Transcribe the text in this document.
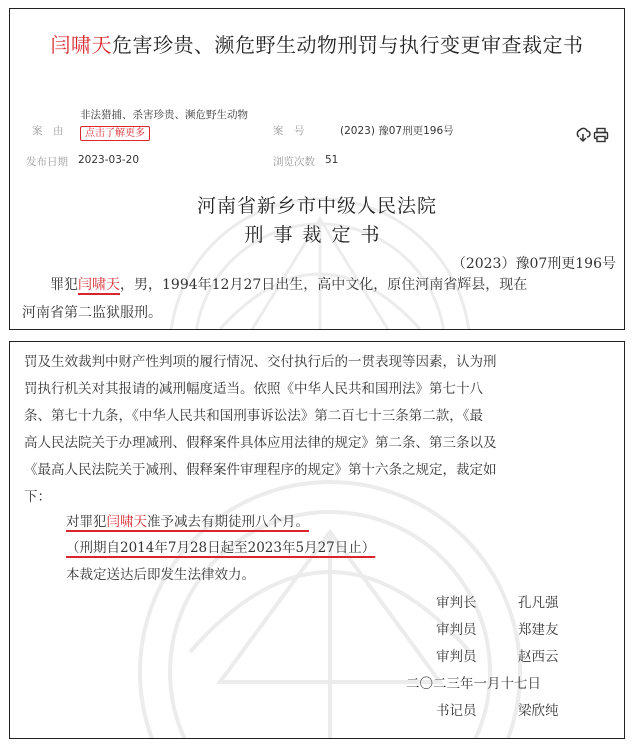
闫啸天危害珍贵、濒危野生动物刑罚与执行变更审查裁定书
案　由
非法猎捕、杀害珍贵、濒危野生动物
点击了解更多	案　号	(2023) 豫07刑更196号
发布日期 2023-03-20	浏览次数 51
河南省新乡市中级人民法院
刑事裁定书
（2023）豫07刑更196号
罪犯闫啸天，男，1994年12月27日出生，高中文化，原住河南省辉县，现在
河南省第二监狱服刑。
罚及生效裁判中财产性判项的履行情况、交付执行后的一贯表现等因素，认为刑
罚执行机关对其报请的减刑幅度适当。依照《中华人民共和国刑法》第七十八
条、第七十九条，《中华人民共和国刑事诉讼法》第二百七十三条第二款，《最
高人民法院关于办理减刑、假释案件具体应用法律的规定》第二条、第三条以及
《最高人民法院关于减刑、假释案件审理程序的规定》第十六条之规定，裁定如
下：
对罪犯闫啸天准予减去有期徒刑八个月。
（刑期自2014年7月28日起至2023年5月27日止）
本裁定送达后即发生法律效力。
审判长	孔凡强
审判员	郑建友
审判员	赵西云
二〇二三年一月十七日
书记员	梁欣纯
